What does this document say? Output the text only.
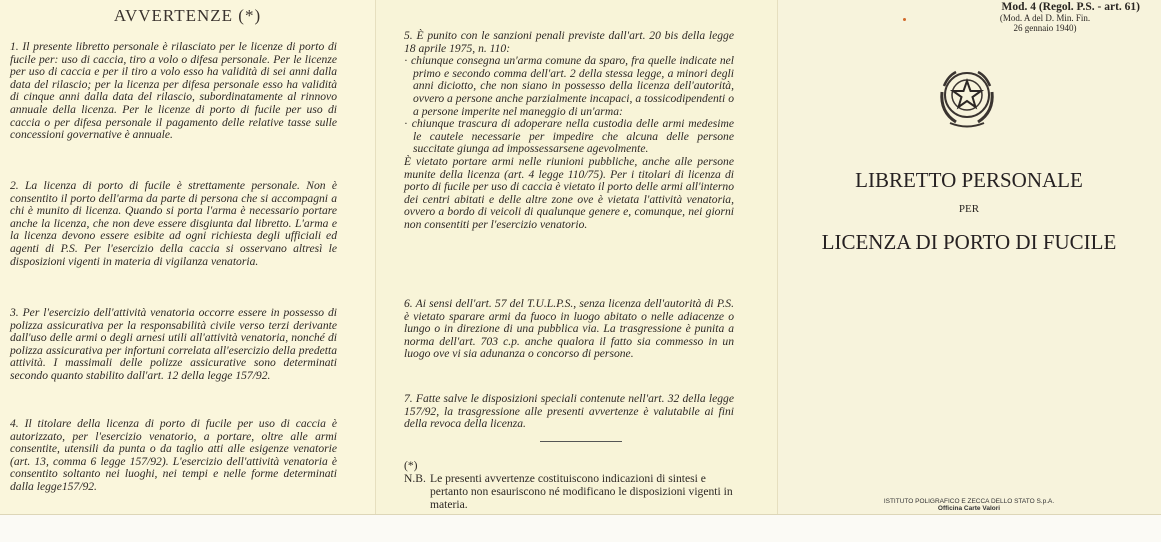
AVVERTENZE (*)
1. Il presente libretto personale è rilasciato per le licenze di porto di fucile per: uso di caccia, tiro a volo o difesa personale. Per le licenze per uso di caccia e per il tiro a volo esso ha validità di sei anni dalla data del rilascio; per la licenza per difesa personale esso ha validità di cinque anni dalla data del rilascio, subordinatamente al rinnovo annuale della licenza. Per le licenze di porto di fucile per uso di caccia o per difesa personale il pagamento delle relative tasse sulle concessioni governative è annuale.
2. La licenza di porto di fucile è strettamente personale. Non è consentito il porto dell'arma da parte di persona che si accompagni a chi è munito di licenza. Quando si porta l'arma è necessario portare anche la licenza, che non deve essere disgiunta dal libretto. L'arma e la licenza devono essere esibite ad ogni richiesta degli ufficiali ed agenti di P.S. Per l'esercizio della caccia si osservano altresì le disposizioni vigenti in materia di vigilanza venatoria.
3. Per l'esercizio dell'attività venatoria occorre essere in possesso di polizza assicurativa per la responsabilità civile verso terzi derivante dall'uso delle armi o degli arnesi utili all'attività venatoria, nonché di polizza assicurativa per infortuni correlata all'esercizio della predetta attività. I massimali delle polizze assicurative sono determinati secondo quanto stabilito dall'art. 12 della legge 157/92.
4. Il titolare della licenza di porto di fucile per uso di caccia è autorizzato, per l'esercizio venatorio, a portare, oltre alle armi consentite, utensili da punta o da taglio atti alle esigenze venatorie (art. 13, comma 6 legge 157/92). L'esercizio dell'attività venatoria è consentito soltanto nei luoghi, nei tempi e nelle forme determinati dalla legge157/92.
5. È punito con le sanzioni penali previste dall'art. 20 bis della legge 18 aprile 1975, n. 110:
· chiunque consegna un'arma comune da sparo, fra quelle indicate nel primo e secondo comma dell'art. 2 della stessa legge, a minori degli anni diciotto, che non siano in possesso della licenza dell'autorità, ovvero a persone anche parzialmente incapaci, a tossicodipendenti o a persone imperite nel maneggio di un'arma:
· chiunque trascura di adoperare nella custodia delle armi medesime le cautele necessarie per impedire che alcuna delle persone succitate giunga ad impossessarsene agevolmente.
È vietato portare armi nelle riunioni pubbliche, anche alle persone munite della licenza (art. 4 legge 110/75). Per i titolari di licenza di porto di fucile per uso di caccia è vietato il porto delle armi all'interno dei centri abitati e delle altre zone ove è vietata l'attività venatoria, ovvero a bordo di veicoli di qualunque genere e, comunque, nei giorni non consentiti per l'esercizio venatorio.
6. Ai sensi dell'art. 57 del T.U.L.P.S., senza licenza dell'autorità di P.S. è vietato sparare armi da fuoco in luogo abitato o nelle adiacenze o lungo o in direzione di una pubblica via. La trasgressione è punita a norma dell'art. 703 c.p. anche qualora il fatto sia commesso in un luogo ove vi sia adunanza o concorso di persone.
7. Fatte salve le disposizioni speciali contenute nell'art. 32 della legge 157/92, la trasgressione alle presenti avvertenze è valutabile ai fini della revoca della licenza.
(*) N.B. Le presenti avvertenze costituiscono indicazioni di sintesi e pertanto non esauriscono né modificano le disposizioni vigenti in materia.
Mod. 4 (Regol. P.S. - art. 61)
(Mod. A del D. Min. Fin.
26 gennaio 1940)
LIBRETTO PERSONALE
PER
LICENZA DI PORTO DI FUCILE
ISTITUTO POLIGRAFICO E ZECCA DELLO STATO S.p.A.
Officina Carte Valori
